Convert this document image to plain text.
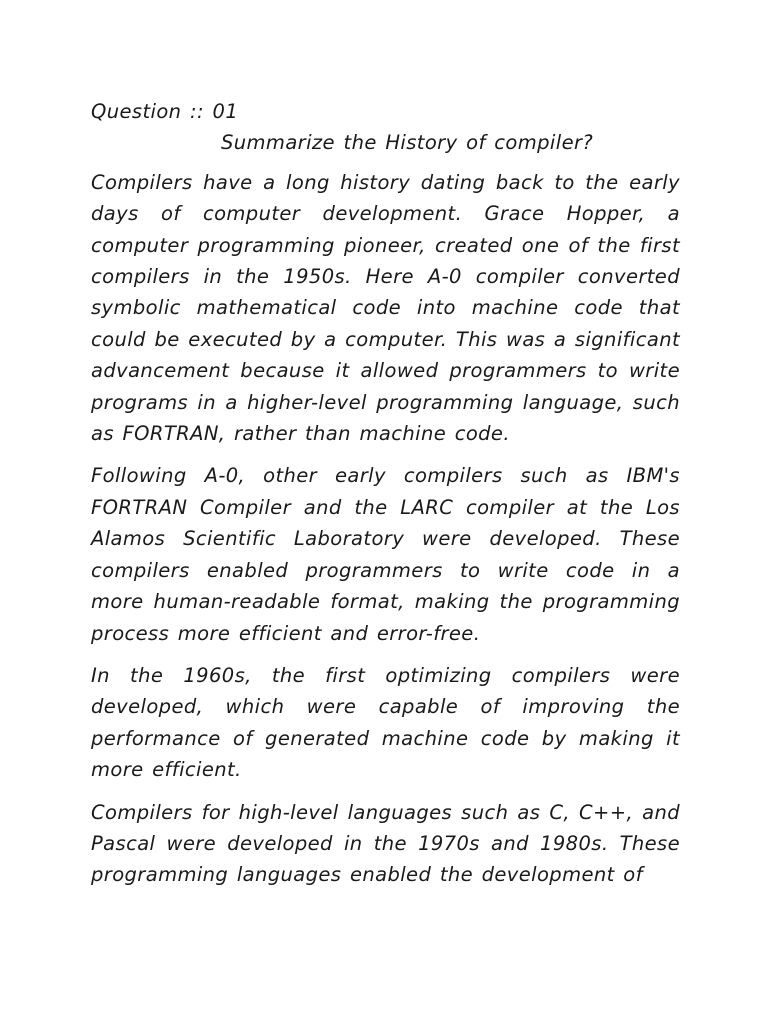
Question :: 01

Summarize the History of compiler?

Compilers have a long history dating back to the early days of computer development. Grace Hopper, a computer programming pioneer, created one of the first compilers in the 1950s. Here A-0 compiler converted symbolic mathematical code into machine code that could be executed by a computer. This was a significant advancement because it allowed programmers to write programs in a higher-level programming language, such as FORTRAN, rather than machine code.

Following A-0, other early compilers such as IBM's FORTRAN Compiler and the LARC compiler at the Los Alamos Scientific Laboratory were developed. These compilers enabled programmers to write code in a more human-readable format, making the programming process more efficient and error-free.

In the 1960s, the first optimizing compilers were developed, which were capable of improving the performance of generated machine code by making it more efficient.

Compilers for high-level languages such as C, C++, and Pascal were developed in the 1970s and 1980s. These programming languages enabled the development of
